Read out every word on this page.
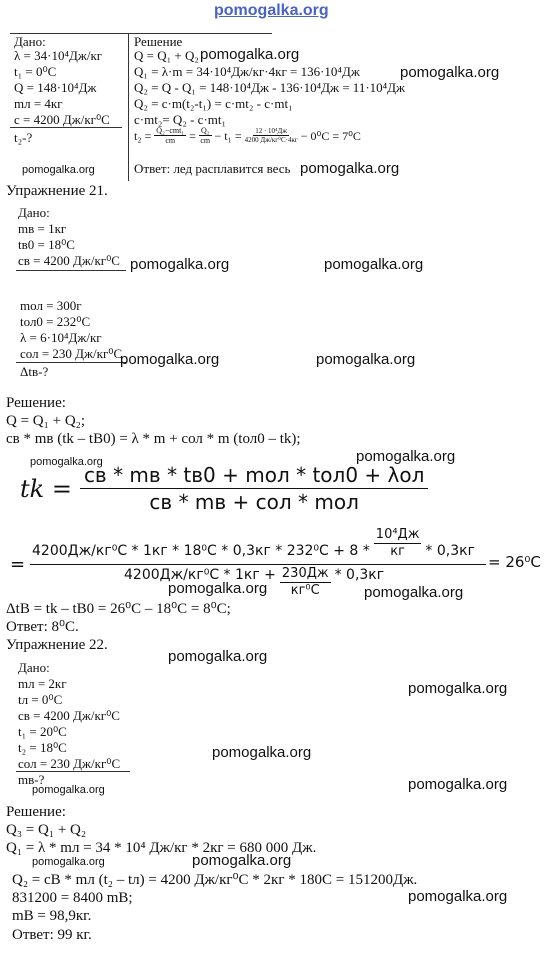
pomogalka.org
Дано:
λ = 34·10⁴Дж/кг
t₁ = 0⁰С
Q = 148·10⁴Дж
mл = 4кг
с = 4200 Дж/кг⁰С
t₂-?
Решение
Q = Q₁ + Q₂
Q₁ = λ·m = 34·10⁴Дж/кг·4кг = 136·10⁴Дж
Q₂ = Q - Q₁ = 148·10⁴Дж - 136·10⁴Дж = 11·10⁴Дж
Q₂ = c·m(t₂-t₁) = c·mt₂ - c·mt₁
c·mt₂= Q₂ - c·mt₁
$t_2 = \frac{\text{Q₂−cmt₁}}{cm} = \frac{\text{Q₂}}{cm} - t_1 = \frac{\text{12 · 10⁴Дж}}{\text{4200 Дж/кг⁰С·4кг}} - 0^0С = 7^0С$
Ответ: лед расплавится весь
Упражнение 21.
Дано:
mв = 1кг
tв0 = 18⁰С
cв = 4200 Дж/кг⁰С
mол = 300г
tол0 = 232⁰С
λ = 6·10⁴Дж/кг
cол = 230 Дж/кг⁰С
Δtв-?
Решение:
Q = Q₁ + Q₂;
cв * mв (tk – tВ0) = λ * m + cол * m (tол0 – tk);
tk = $\frac{\text{cв * mв * tв0 + mол * tол0 + λол}}{\text{cв * mв + cол * mол}}$
=
$4200Дж/кг^0С * 1кг * 18^0С * 0,3кг * 232^0С + 8 * \frac{\text{10⁴Дж}}{кг} * 0,3кг$
$4200Дж/кг^0С * 1кг + \frac{230Дж}{\text{кг⁰С}} * 0,3кг$
= 26⁰С
ΔtВ = tk – tВ0 = 26⁰С – 18⁰С = 8⁰С;
Ответ: 8⁰С.
Упражнение 22.
Дано:
mл = 2кг
tл = 0⁰С
св = 4200 Дж/кг⁰С
t₁ = 20⁰С
t₂ = 18⁰С
сол = 230 Дж/кг⁰С
mв-?
Решение:
Q₃ = Q₁ + Q₂
Q₁ = λ * mл = 34 * 10⁴ Дж/кг * 2кг = 680 000 Дж.
Q₂ = cВ * mл (t₂ – tл) = 4200 Дж/кг⁰С * 2кг * 180С = 151200Дж.
831200 = 8400 mВ;
mВ = 98,9кг.
Ответ: 99 кг.
pomogalka.org
pomogalka.org
pomogalka.org	pomogalka.org
pomogalka.org	pomogalka.org
pomogalka.org	pomogalka.org
pomogalka.org	pomogalka.org
pomogalka.org	pomogalka.org
pomogalka.org
pomogalka.org
pomogalka.org
pomogalka.org	pomogalka.org
pomogalka.org	pomogalka.org
pomogalka.org
